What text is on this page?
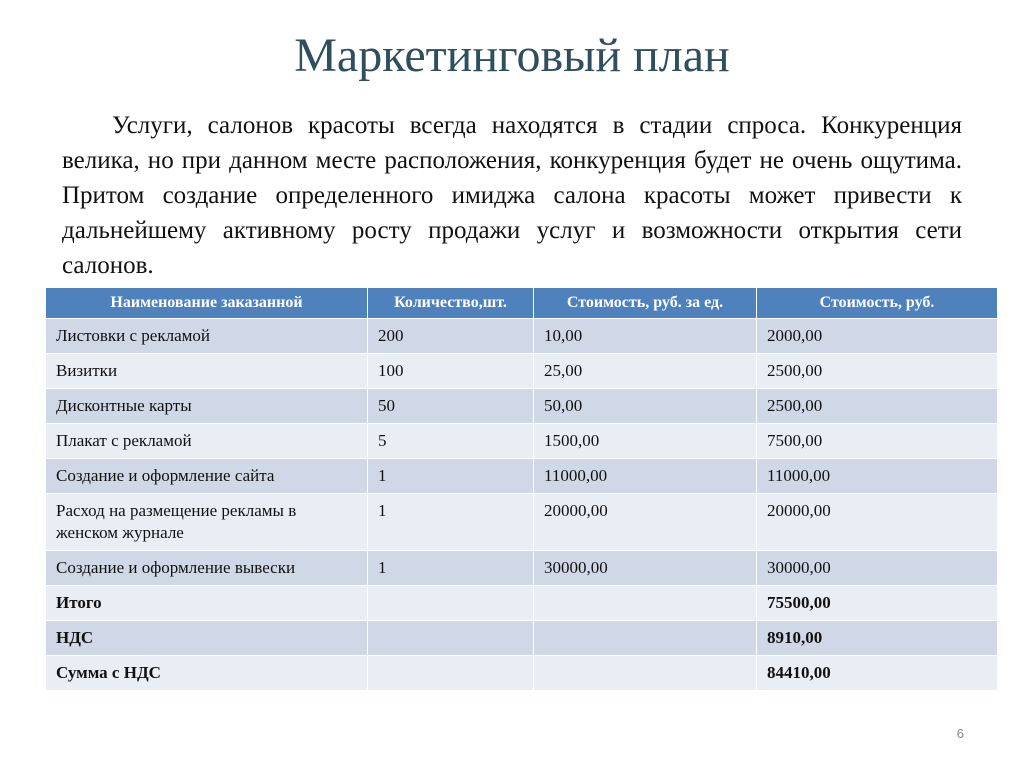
Маркетинговый план

Услуги, салонов красоты всегда находятся в стадии спроса. Конкуренция велика, но при данном месте расположения, конкуренция будет не очень ощутима. Притом создание определенного имиджа салона красоты может привести к дальнейшему активному росту продажи услуг и возможности открытия сети салонов.

Наименование заказанной	Количество,шт.	Стоимость, руб. за ед.	Стоимость, руб.
Листовки с рекламой	200	10,00	2000,00
Визитки	100	25,00	2500,00
Дисконтные карты	50	50,00	2500,00
Плакат с рекламой	5	1500,00	7500,00
Создание и оформление сайта	1	11000,00	11000,00
Расход на размещение рекламы в женском журнале	1	20000,00	20000,00
Создание и оформление вывески	1	30000,00	30000,00
Итого			75500,00
НДС			8910,00
Сумма с НДС			84410,00
6
